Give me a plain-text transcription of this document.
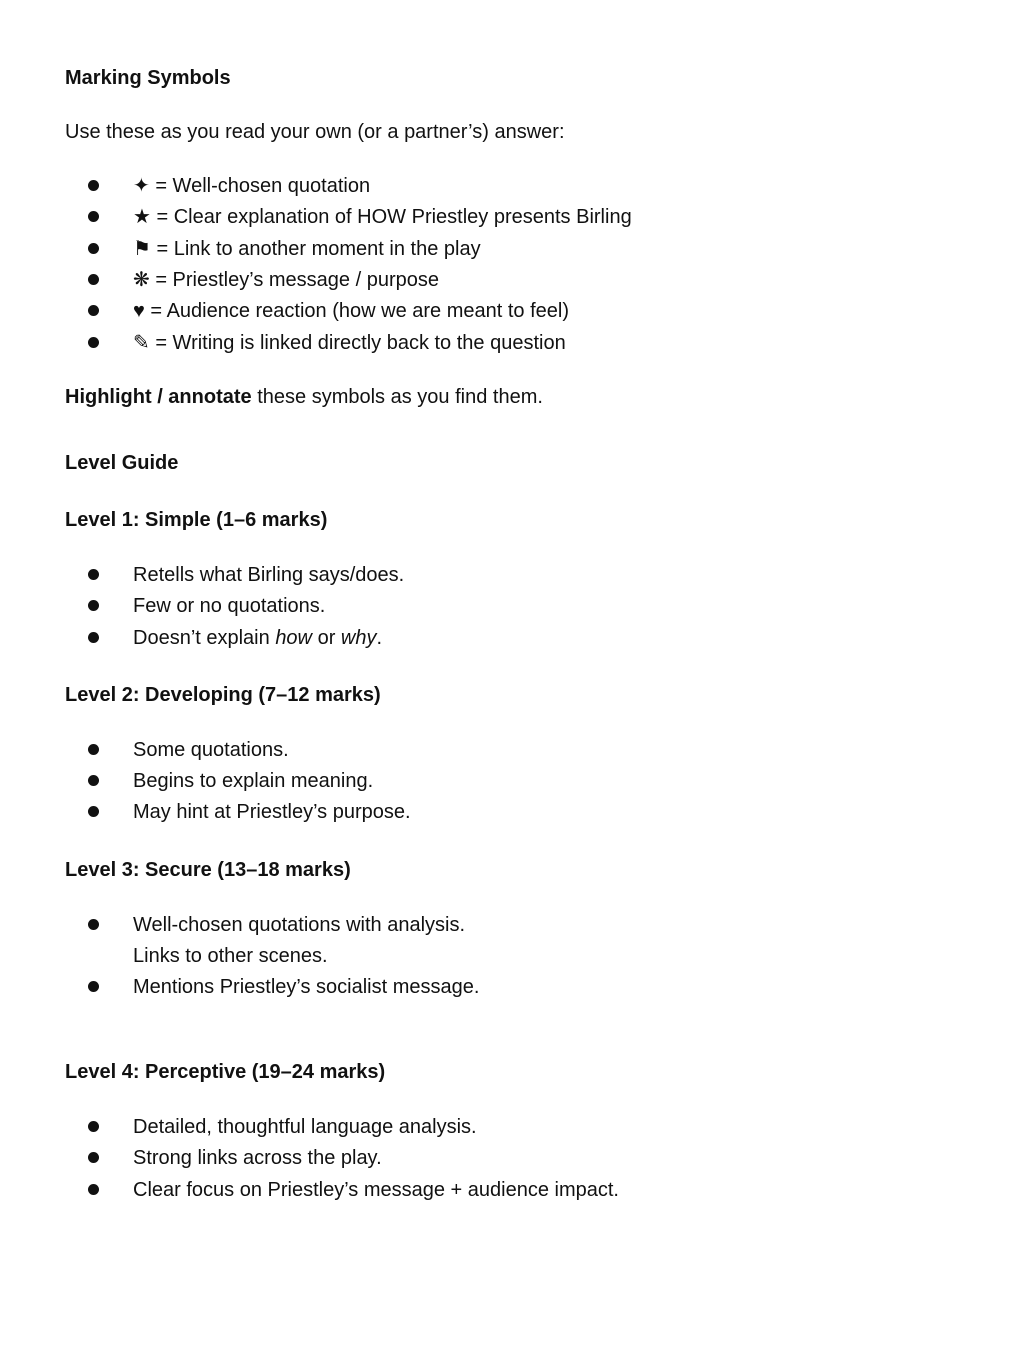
Marking Symbols
Use these as you read your own (or a partner’s) answer:
✦ = Well-chosen quotation
★ = Clear explanation of HOW Priestley presents Birling
⚑ = Link to another moment in the play
❋ = Priestley’s message / purpose
♥ = Audience reaction (how we are meant to feel)
✎ = Writing is linked directly back to the question
Highlight / annotate these symbols as you find them.
Level Guide
Level 1: Simple (1–6 marks)
Retells what Birling says/does.
Few or no quotations.
Doesn’t explain how or why.
Level 2: Developing (7–12 marks)
Some quotations.
Begins to explain meaning.
May hint at Priestley’s purpose.
Level 3: Secure (13–18 marks)
Well-chosen quotations with analysis.
Links to other scenes.
Mentions Priestley’s socialist message.
Level 4: Perceptive (19–24 marks)
Detailed, thoughtful language analysis.
Strong links across the play.
Clear focus on Priestley’s message + audience impact.
